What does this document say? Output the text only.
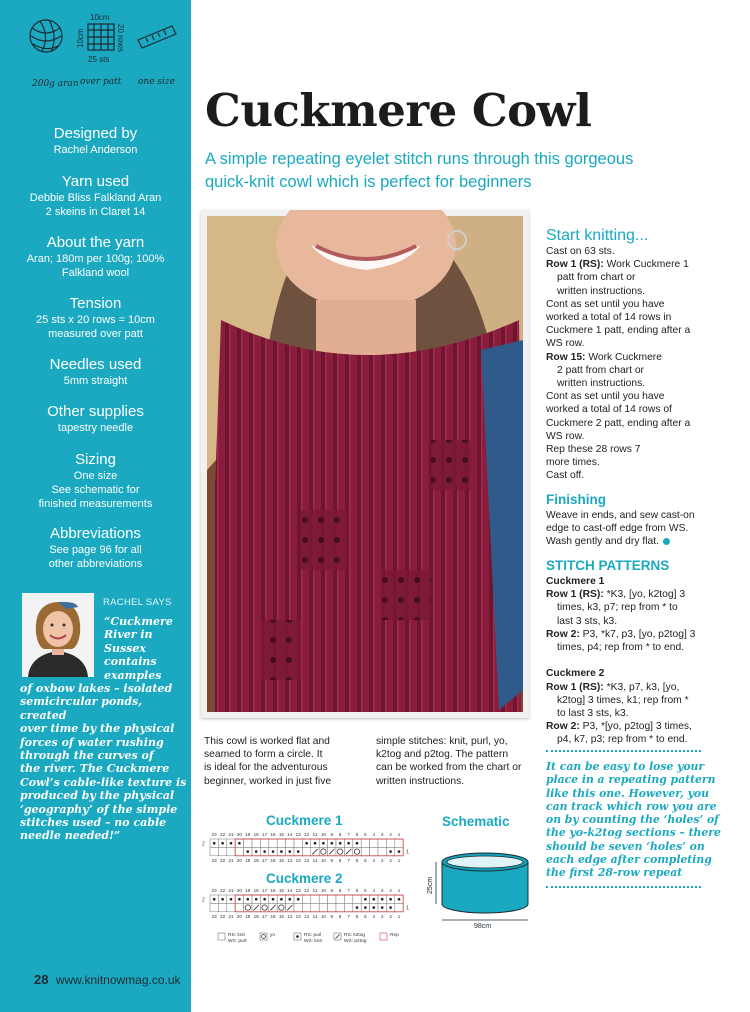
200g aran
10cm
25 sts
10cm	20 rows
over patt one size
Designed by
Rachel Anderson
Yarn used
Debbie Bliss Falkland Aran
2 skeins in Claret 14
About the yarn
Aran; 180m per 100g; 100%
Falkland wool
Tension
25 sts x 20 rows = 10cm
measured over patt
Needles used
5mm straight
Other supplies
tapestry needle
Sizing
One size
See schematic for
finished measurements
Abbreviations
See page 96 for all
other abbreviations
RACHEL SAYS
“Cuckmere
River in
Sussex
contains
examples
of oxbow lakes – isolated
semicircular ponds, created
over time by the physical
forces of water rushing
through the curves of
the river. The Cuckmere
Cowl’s cable-like texture is
produced by the physical
‘geography’ of the simple
stitches used – no cable
needle needed!”
28 www.knitnowmag.co.uk
Cuckmere Cowl
A simple repeating eyelet stitch runs through this gorgeous
quick-knit cowl which is perfect for beginners
This cowl is worked flat and
seamed to form a circle. It
is ideal for the adventurous
beginner, worked in just five
simple stitches: knit, purl, yo,
k2tog and p2tog. The pattern
can be worked from the chart or
written instructions.
Start knitting...
Cast on 63 sts.
Row 1 (RS): Work Cuckmere 1
patt from chart or
written instructions.
Cont as set until you have
worked a total of 14 rows in
Cuckmere 1 patt, ending after a
WS row.
Row 15: Work Cuckmere
2 patt from chart or
written instructions.
Cont as set until you have
worked a total of 14 rows of
Cuckmere 2 patt, ending after a
WS row.
Rep these 28 rows 7
more times.
Cast off.
Finishing
Weave in ends, and sew cast-on
edge to cast-off edge from WS.
Wash gently and dry flat.
STITCH PATTERNS
Cuckmere 1
Row 1 (RS): *K3, [yo, k2tog] 3
times, k3, p7; rep from * to
last 3 sts, k3.
Row 2: P3, *k7, p3, [yo, p2tog] 3
times, p4; rep from * to end.

Cuckmere 2
Row 1 (RS): *K3, p7, k3, [yo,
k2tog] 3 times, k1; rep from *
to last 3 sts, k3.
Row 2: P3, *[yo, p2tog] 3 times,
p4, k7, p3; rep from * to end.
It can be easy to lose your
place in a repeating pattern
like this one. However, you
can track which row you are
on by counting the ‘holes’ of
the yo-k2tog sections – there
should be seven ‘holes’ on
each edge after completing
the first 28-row repeat
Cuckmere 1
Cuckmere 2
Schematic
23
23
22
22
21
21
20
20
19
19
18
18
17
17
16
16
15
15
14
14
13
13
12
12
11
11
10
10
9
9
8
8
7
7
6
6
5
5
4
4
3
3
2
2
1
1
2
1
23
23
22
22
21
21
20
20
19
19
18
18
17
17
16
16
15
15
14
14
13
13
12
12
11
11
10
10
9
9
8
8
7
7
6
6
5
5
4
4
3
3
2
2
1
1
2
1
RS: knit
WS: purl
yo	RS: purl
WS: knit
RS: k2tog
WS: p2tog
Rep
25cm
98cm
